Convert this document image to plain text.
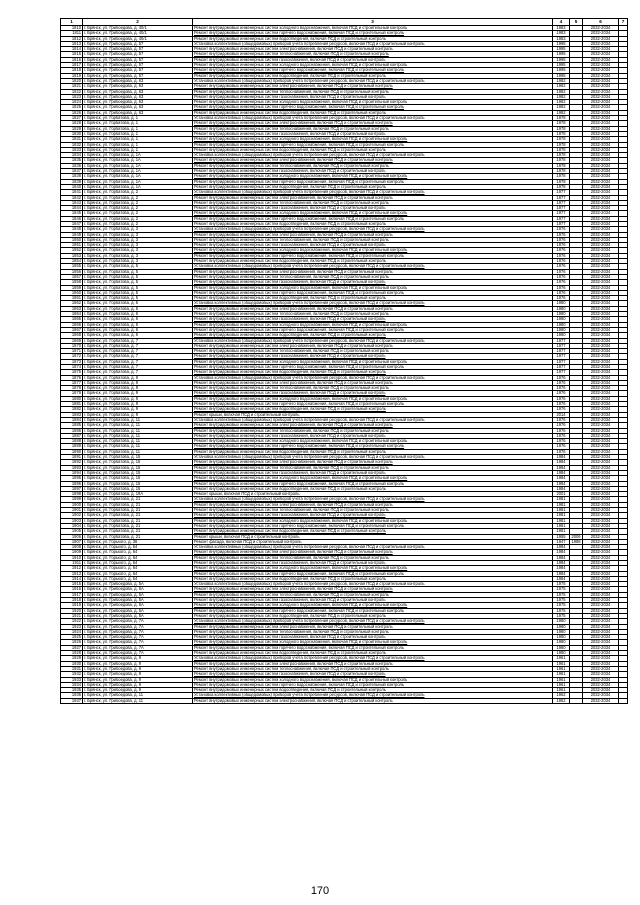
1	2	3	4	5	6	7
1810	г. Брянск, ул. Грибоедова, д. 40/1	Ремонт внутридомовых инженерных систем холодного водоснабжения, включая ПСД и строительный контроль	1983		2032-2034	
1811	г. Брянск, ул. Грибоедова, д. 40/1	Ремонт внутридомовых инженерных систем горячего водоснабжения, включая ПСД и строительный контроль	1983		2032-2034	
1812	г. Брянск, ул. Грибоедова, д. 40/1	Ремонт внутридомовых инженерных систем водоотведения, включая ПСД и строительный контроль	1983		2032-2034	
1813	г. Брянск, ул. Грибоедова, д. 57	Установка коллективных (общедомовых) приборов учета потребления ресурсов, включая ПСД и строительный контроль	1995		2032-2034	
1814	г. Брянск, ул. Грибоедова, д. 57	Ремонт внутридомовых инженерных систем электроснабжения, включая ПСД и строительный контроль	1995		2032-2034	
1815	г. Брянск, ул. Грибоедова, д. 57	Ремонт внутридомовых инженерных систем теплоснабжения, включая ПСД и строительный контроль	1995		2032-2034	
1816	г. Брянск, ул. Грибоедова, д. 57	Ремонт внутридомовых инженерных систем газоснабжения, включая ПСД и строительный контроль	1995		2032-2034	
1817	г. Брянск, ул. Грибоедова, д. 57	Ремонт внутридомовых инженерных систем холодного водоснабжения, включая ПСД и строительный контроль	1995		2032-2034	
1818	г. Брянск, ул. Грибоедова, д. 57	Ремонт внутридомовых инженерных систем горячего водоснабжения, включая ПСД и строительный контроль	1995		2032-2034	
1819	г. Брянск, ул. Грибоедова, д. 57	Ремонт внутридомовых инженерных систем водоотведения, включая ПСД и строительный контроль	1995		2032-2034	
1820	г. Брянск, ул. Грибоедова, д. 63	Установка коллективных (общедомовых) приборов учета потребления ресурсов, включая ПСД и строительный контроль	1982		2032-2034	
1821	г. Брянск, ул. Грибоедова, д. 63	Ремонт внутридомовых инженерных систем электроснабжения, включая ПСД и строительный контроль	1982		2032-2034	
1822	г. Брянск, ул. Грибоедова, д. 63	Ремонт внутридомовых инженерных систем теплоснабжения, включая ПСД и строительный контроль	1982		2032-2034	
1823	г. Брянск, ул. Грибоедова, д. 63	Ремонт внутридомовых инженерных систем газоснабжения, включая ПСД и строительный контроль	1982		2032-2034	
1824	г. Брянск, ул. Грибоедова, д. 63	Ремонт внутридомовых инженерных систем холодного водоснабжения, включая ПСД и строительный контроль	1982		2032-2034	
1825	г. Брянск, ул. Грибоедова, д. 63	Ремонт внутридомовых инженерных систем горячего водоснабжения, включая ПСД и строительный контроль	1982		2032-2034	
1826	г. Брянск, ул. Грибоедова, д. 63	Ремонт внутридомовых инженерных систем водоотведения, включая ПСД и строительный контроль	1982		2032-2034	
1827	г. Брянск, ул. Горбатова, д. 1	Установка коллективных (общедомовых) приборов учета потребления ресурсов, включая ПСД и строительный контроль	1978		2032-2034	
1828	г. Брянск, ул. Горбатова, д. 1	Ремонт внутридомовых инженерных систем электроснабжения, включая ПСД и строительный контроль	1978		2032-2034	
1829	г. Брянск, ул. Горбатова, д. 1	Ремонт внутридомовых инженерных систем теплоснабжения, включая ПСД и строительный контроль	1978		2032-2034	
1830	г. Брянск, ул. Горбатова, д. 1	Ремонт внутридомовых инженерных систем газоснабжения, включая ПСД и строительный контроль	1978		2032-2034	
1831	г. Брянск, ул. Горбатова, д. 1	Ремонт внутридомовых инженерных систем холодного водоснабжения, включая ПСД и строительный контроль	1978		2032-2034	
1832	г. Брянск, ул. Горбатова, д. 1	Ремонт внутридомовых инженерных систем горячего водоснабжения, включая ПСД и строительный контроль	1978		2032-2034	
1833	г. Брянск, ул. Горбатова, д. 1	Ремонт внутридомовых инженерных систем водоотведения, включая ПСД и строительный контроль	1978		2032-2034	
1834	г. Брянск, ул. Горбатова, д. 1А	Установка коллективных (общедомовых) приборов учета потребления ресурсов, включая ПСД и строительный контроль	1978		2032-2034	
1835	г. Брянск, ул. Горбатова, д. 1А	Ремонт внутридомовых инженерных систем электроснабжения, включая ПСД и строительный контроль	1978		2032-2034	
1836	г. Брянск, ул. Горбатова, д. 1А	Ремонт внутридомовых инженерных систем теплоснабжения, включая ПСД и строительный контроль	1978		2032-2034	
1837	г. Брянск, ул. Горбатова, д. 1А	Ремонт внутридомовых инженерных систем газоснабжения, включая ПСД и строительный контроль	1978		2032-2034	
1838	г. Брянск, ул. Горбатова, д. 1А	Ремонт внутридомовых инженерных систем холодного водоснабжения, включая ПСД и строительный контроль	1978		2032-2034	
1839	г. Брянск, ул. Горбатова, д. 1А	Ремонт внутридомовых инженерных систем горячего водоснабжения, включая ПСД и строительный контроль	1978		2032-2034	
1840	г. Брянск, ул. Горбатова, д. 1А	Ремонт внутридомовых инженерных систем водоотведения, включая ПСД и строительный контроль	1978		2032-2034	
1841	г. Брянск, ул. Горбатова, д. 2	Установка коллективных (общедомовых) приборов учета потребления ресурсов, включая ПСД и строительный контроль	1977		2032-2034	
1842	г. Брянск, ул. Горбатова, д. 2	Ремонт внутридомовых инженерных систем электроснабжения, включая ПСД и строительный контроль	1977		2032-2034	
1843	г. Брянск, ул. Горбатова, д. 2	Ремонт внутридомовых инженерных систем теплоснабжения, включая ПСД и строительный контроль	1977		2032-2034	
1844	г. Брянск, ул. Горбатова, д. 2	Ремонт внутридомовых инженерных систем газоснабжения, включая ПСД и строительный контроль	1977		2032-2034	
1845	г. Брянск, ул. Горбатова, д. 2	Ремонт внутридомовых инженерных систем холодного водоснабжения, включая ПСД и строительный контроль	1977		2032-2034	
1846	г. Брянск, ул. Горбатова, д. 2	Ремонт внутридомовых инженерных систем горячего водоснабжения, включая ПСД и строительный контроль	1977		2032-2034	
1847	г. Брянск, ул. Горбатова, д. 2	Ремонт внутридомовых инженерных систем водоотведения, включая ПСД и строительный контроль	1977		2032-2034	
1848	г. Брянск, ул. Горбатова, д. 3	Установка коллективных (общедомовых) приборов учета потребления ресурсов, включая ПСД и строительный контроль	1976		2032-2034	
1849	г. Брянск, ул. Горбатова, д. 3	Ремонт внутридомовых инженерных систем электроснабжения, включая ПСД и строительный контроль	1976		2032-2034	
1850	г. Брянск, ул. Горбатова, д. 3	Ремонт внутридомовых инженерных систем теплоснабжения, включая ПСД и строительный контроль	1976		2032-2034	
1851	г. Брянск, ул. Горбатова, д. 3	Ремонт внутридомовых инженерных систем газоснабжения, включая ПСД и строительный контроль	1976		2032-2034	
1852	г. Брянск, ул. Горбатова, д. 3	Ремонт внутридомовых инженерных систем холодного водоснабжения, включая ПСД и строительный контроль	1976		2032-2034	
1853	г. Брянск, ул. Горбатова, д. 3	Ремонт внутридомовых инженерных систем горячего водоснабжения, включая ПСД и строительный контроль	1976		2032-2034	
1854	г. Брянск, ул. Горбатова, д. 3	Ремонт внутридомовых инженерных систем водоотведения, включая ПСД и строительный контроль	1976		2032-2034	
1855	г. Брянск, ул. Горбатова, д. 5	Установка коллективных (общедомовых) приборов учета потребления ресурсов, включая ПСД и строительный контроль	1976		2032-2034	
1856	г. Брянск, ул. Горбатова, д. 5	Ремонт внутридомовых инженерных систем электроснабжения, включая ПСД и строительный контроль	1976		2032-2034	
1857	г. Брянск, ул. Горбатова, д. 5	Ремонт внутридомовых инженерных систем теплоснабжения, включая ПСД и строительный контроль	1976		2032-2034	
1858	г. Брянск, ул. Горбатова, д. 5	Ремонт внутридомовых инженерных систем газоснабжения, включая ПСД и строительный контроль	1976		2032-2034	
1859	г. Брянск, ул. Горбатова, д. 5	Ремонт внутридомовых инженерных систем холодного водоснабжения, включая ПСД и строительный контроль	1976		2032-2034	
1860	г. Брянск, ул. Горбатова, д. 5	Ремонт внутридомовых инженерных систем горячего водоснабжения, включая ПСД и строительный контроль	1976		2032-2034	
1861	г. Брянск, ул. Горбатова, д. 5	Ремонт внутридомовых инженерных систем водоотведения, включая ПСД и строительный контроль	1976		2032-2034	
1862	г. Брянск, ул. Горбатова, д. 6	Установка коллективных (общедомовых) приборов учета потребления ресурсов, включая ПСД и строительный контроль	1980		2032-2034	
1863	г. Брянск, ул. Горбатова, д. 6	Ремонт внутридомовых инженерных систем электроснабжения, включая ПСД и строительный контроль	1980		2032-2034	
1864	г. Брянск, ул. Горбатова, д. 6	Ремонт внутридомовых инженерных систем теплоснабжения, включая ПСД и строительный контроль	1980		2032-2034	
1865	г. Брянск, ул. Горбатова, д. 6	Ремонт внутридомовых инженерных систем газоснабжения, включая ПСД и строительный контроль	1980		2032-2034	
1866	г. Брянск, ул. Горбатова, д. 6	Ремонт внутридомовых инженерных систем холодного водоснабжения, включая ПСД и строительный контроль	1980		2032-2034	
1867	г. Брянск, ул. Горбатова, д. 6	Ремонт внутридомовых инженерных систем горячего водоснабжения, включая ПСД и строительный контроль	1980		2032-2034	
1868	г. Брянск, ул. Горбатова, д. 6	Ремонт внутридомовых инженерных систем водоотведения, включая ПСД и строительный контроль	1980		2032-2034	
1869	г. Брянск, ул. Горбатова, д. 7	Установка коллективных (общедомовых) приборов учета потребления ресурсов, включая ПСД и строительный контроль	1977		2032-2034	
1870	г. Брянск, ул. Горбатова, д. 7	Ремонт внутридомовых инженерных систем электроснабжения, включая ПСД и строительный контроль	1977		2032-2034	
1871	г. Брянск, ул. Горбатова, д. 7	Ремонт внутридомовых инженерных систем теплоснабжения, включая ПСД и строительный контроль	1977		2032-2034	
1872	г. Брянск, ул. Горбатова, д. 7	Ремонт внутридомовых инженерных систем газоснабжения, включая ПСД и строительный контроль	1977		2032-2034	
1873	г. Брянск, ул. Горбатова, д. 7	Ремонт внутридомовых инженерных систем холодного водоснабжения, включая ПСД и строительный контроль	1977		2032-2034	
1874	г. Брянск, ул. Горбатова, д. 7	Ремонт внутридомовых инженерных систем горячего водоснабжения, включая ПСД и строительный контроль	1977		2032-2034	
1875	г. Брянск, ул. Горбатова, д. 7	Ремонт внутридомовых инженерных систем водоотведения, включая ПСД и строительный контроль	1977		2032-2034	
1876	г. Брянск, ул. Горбатова, д. 9	Установка коллективных (общедомовых) приборов учета потребления ресурсов, включая ПСД и строительный контроль	1976		2032-2034	
1877	г. Брянск, ул. Горбатова, д. 9	Ремонт внутридомовых инженерных систем электроснабжения, включая ПСД и строительный контроль	1976		2032-2034	
1878	г. Брянск, ул. Горбатова, д. 9	Ремонт внутридомовых инженерных систем теплоснабжения, включая ПСД и строительный контроль	1976		2032-2034	
1879	г. Брянск, ул. Горбатова, д. 9	Ремонт внутридомовых инженерных систем газоснабжения, включая ПСД и строительный контроль	1976		2032-2034	
1880	г. Брянск, ул. Горбатова, д. 9	Ремонт внутридомовых инженерных систем холодного водоснабжения, включая ПСД и строительный контроль	1976		2032-2034	
1881	г. Брянск, ул. Горбатова, д. 9	Ремонт внутридомовых инженерных систем горячего водоснабжения, включая ПСД и строительный контроль	1976		2032-2034	
1882	г. Брянск, ул. Горбатова, д. 9	Ремонт внутридомовых инженерных систем водоотведения, включая ПСД и строительный контроль	1976		2032-2034	
1883	г. Брянск, ул. Горбатова, д. 9	Ремонт крыши, включая ПСД и строительный контроль	2014		2032-2034	
1884	г. Брянск, ул. Горбатова, д. 11	Установка коллективных (общедомовых) приборов учета потребления ресурсов, включая ПСД и строительный контроль	1976		2032-2034	
1885	г. Брянск, ул. Горбатова, д. 11	Ремонт внутридомовых инженерных систем электроснабжения, включая ПСД и строительный контроль	1976		2032-2034	
1886	г. Брянск, ул. Горбатова, д. 11	Ремонт внутридомовых инженерных систем теплоснабжения, включая ПСД и строительный контроль	1976		2032-2034	
1887	г. Брянск, ул. Горбатова, д. 11	Ремонт внутридомовых инженерных систем газоснабжения, включая ПСД и строительный контроль	1976		2032-2034	
1888	г. Брянск, ул. Горбатова, д. 11	Ремонт внутридомовых инженерных систем холодного водоснабжения, включая ПСД и строительный контроль	1976		2032-2034	
1889	г. Брянск, ул. Горбатова, д. 11	Ремонт внутридомовых инженерных систем горячего водоснабжения, включая ПСД и строительный контроль	1976		2032-2034	
1890	г. Брянск, ул. Горбатова, д. 11	Ремонт внутридомовых инженерных систем водоотведения, включая ПСД и строительный контроль	1976		2032-2034	
1891	г. Брянск, ул. Горбатова, д. 15	Установка коллективных (общедомовых) приборов учета потребления ресурсов, включая ПСД и строительный контроль	1984		2032-2034	
1892	г. Брянск, ул. Горбатова, д. 15	Ремонт внутридомовых инженерных систем электроснабжения, включая ПСД и строительный контроль	1984		2032-2034	
1893	г. Брянск, ул. Горбатова, д. 15	Ремонт внутридомовых инженерных систем теплоснабжения, включая ПСД и строительный контроль	1984		2032-2034	
1894	г. Брянск, ул. Горбатова, д. 15	Ремонт внутридомовых инженерных систем газоснабжения, включая ПСД и строительный контроль	1984		2032-2034	
1895	г. Брянск, ул. Горбатова, д. 15	Ремонт внутридомовых инженерных систем холодного водоснабжения, включая ПСД и строительный контроль	1984		2032-2034	
1896	г. Брянск, ул. Горбатова, д. 15	Ремонт внутридомовых инженерных систем горячего водоснабжения, включая ПСД и строительный контроль	1984		2032-2034	
1897	г. Брянск, ул. Горбатова, д. 15	Ремонт внутридомовых инженерных систем водоотведения, включая ПСД и строительный контроль	1984		2032-2034	
1898	г. Брянск, ул. Горбатова, д. 19А	Ремонт крыши, включая ПСД и строительный контроль	2001		2032-2034	
1899	г. Брянск, ул. Горбатова, д. 21	Установка коллективных (общедомовых) приборов учета потребления ресурсов, включая ПСД и строительный контроль	1981		2032-2034	
1900	г. Брянск, ул. Горбатова, д. 21	Ремонт внутридомовых инженерных систем электроснабжения, включая ПСД и строительный контроль	1981		2032-2034	
1901	г. Брянск, ул. Горбатова, д. 21	Ремонт внутридомовых инженерных систем теплоснабжения, включая ПСД и строительный контроль	1981		2032-2034	
1902	г. Брянск, ул. Горбатова, д. 21	Ремонт внутридомовых инженерных систем газоснабжения, включая ПСД и строительный контроль	1981		2032-2034	
1903	г. Брянск, ул. Горбатова, д. 21	Ремонт внутридомовых инженерных систем холодного водоснабжения, включая ПСД и строительный контроль	1981		2032-2034	
1904	г. Брянск, ул. Горбатова, д. 21	Ремонт внутридомовых инженерных систем горячего водоснабжения, включая ПСД и строительный контроль	1981		2032-2034	
1905	г. Брянск, ул. Горбатова, д. 21	Ремонт внутридомовых инженерных систем водоотведения, включая ПСД и строительный контроль	1981		2032-2034	
1906	г. Брянск, ул. Горбатова, д. 21	Ремонт крыши, включая ПСД и строительный контроль	1955	2006	2032-2034	
1907	г. Брянск, ул. Горького, д. 36	Ремонт фасада, включая ПСД и строительный контроль	1947	1988	2032-2034	
1908	г. Брянск, ул. Горького, д. 64	Установка коллективных (общедомовых) приборов учета потребления ресурсов, включая ПСД и строительный контроль	1984		2032-2034	
1909	г. Брянск, ул. Горького, д. 64	Ремонт внутридомовых инженерных систем электроснабжения, включая ПСД и строительный контроль	1984		2032-2034	
1910	г. Брянск, ул. Горького, д. 64	Ремонт внутридомовых инженерных систем теплоснабжения, включая ПСД и строительный контроль	1984		2032-2034	
1911	г. Брянск, ул. Горького, д. 64	Ремонт внутридомовых инженерных систем газоснабжения, включая ПСД и строительный контроль	1984		2032-2034	
1912	г. Брянск, ул. Горького, д. 64	Ремонт внутридомовых инженерных систем холодного водоснабжения, включая ПСД и строительный контроль	1984		2032-2034	
1913	г. Брянск, ул. Горького, д. 64	Ремонт внутридомовых инженерных систем горячего водоснабжения, включая ПСД и строительный контроль	1984		2032-2034	
1914	г. Брянск, ул. Горького, д. 64	Ремонт внутридомовых инженерных систем водоотведения, включая ПСД и строительный контроль	1984		2032-2034	
1915	г. Брянск, ул. Грибоедова, д. 5А	Установка коллективных (общедомовых) приборов учета потребления ресурсов, включая ПСД и строительный контроль	1975		2032-2034	
1916	г. Брянск, ул. Грибоедова, д. 5А	Ремонт внутридомовых инженерных систем электроснабжения, включая ПСД и строительный контроль	1975		2032-2034	
1917	г. Брянск, ул. Грибоедова, д. 5А	Ремонт внутридомовых инженерных систем теплоснабжения, включая ПСД и строительный контроль	1975		2032-2034	
1918	г. Брянск, ул. Грибоедова, д. 5А	Ремонт внутридомовых инженерных систем газоснабжения, включая ПСД и строительный контроль	1975		2032-2034	
1919	г. Брянск, ул. Грибоедова, д. 5А	Ремонт внутридомовых инженерных систем холодного водоснабжения, включая ПСД и строительный контроль	1975		2032-2034	
1920	г. Брянск, ул. Грибоедова, д. 5А	Ремонт внутридомовых инженерных систем горячего водоснабжения, включая ПСД и строительный контроль	1975		2032-2034	
1921	г. Брянск, ул. Грибоедова, д. 5А	Ремонт внутридомовых инженерных систем водоотведения, включая ПСД и строительный контроль	1975		2032-2034	
1922	г. Брянск, ул. Грибоедова, д. 7А	Установка коллективных (общедомовых) приборов учета потребления ресурсов, включая ПСД и строительный контроль	1980		2032-2034	
1923	г. Брянск, ул. Грибоедова, д. 7А	Ремонт внутридомовых инженерных систем электроснабжения, включая ПСД и строительный контроль	1980		2032-2034	
1924	г. Брянск, ул. Грибоедова, д. 7А	Ремонт внутридомовых инженерных систем теплоснабжения, включая ПСД и строительный контроль	1980		2032-2034	
1925	г. Брянск, ул. Грибоедова, д. 7А	Ремонт внутридомовых инженерных систем газоснабжения, включая ПСД и строительный контроль	1980		2032-2034	
1926	г. Брянск, ул. Грибоедова, д. 7А	Ремонт внутридомовых инженерных систем холодного водоснабжения, включая ПСД и строительный контроль	1980		2032-2034	
1927	г. Брянск, ул. Грибоедова, д. 7А	Ремонт внутридомовых инженерных систем горячего водоснабжения, включая ПСД и строительный контроль	1980		2032-2034	
1928	г. Брянск, ул. Грибоедова, д. 7А	Ремонт внутридомовых инженерных систем водоотведения, включая ПСД и строительный контроль	1980		2032-2034	
1929	г. Брянск, ул. Грибоедова, д. 9	Установка коллективных (общедомовых) приборов учета потребления ресурсов, включая ПСД и строительный контроль	1961		2032-2034	
1930	г. Брянск, ул. Грибоедова, д. 9	Ремонт внутридомовых инженерных систем электроснабжения, включая ПСД и строительный контроль	1961		2032-2034	
1931	г. Брянск, ул. Грибоедова, д. 9	Ремонт внутридомовых инженерных систем теплоснабжения, включая ПСД и строительный контроль	1961		2032-2034	
1932	г. Брянск, ул. Грибоедова, д. 9	Ремонт внутридомовых инженерных систем газоснабжения, включая ПСД и строительный контроль	1961		2032-2034	
1933	г. Брянск, ул. Грибоедова, д. 9	Ремонт внутридомовых инженерных систем холодного водоснабжения, включая ПСД и строительный контроль	1961		2032-2034	
1934	г. Брянск, ул. Грибоедова, д. 9	Ремонт внутридомовых инженерных систем горячего водоснабжения, включая ПСД и строительный контроль	1961		2032-2034	
1935	г. Брянск, ул. Грибоедова, д. 9	Ремонт внутридомовых инженерных систем водоотведения, включая ПСД и строительный контроль	1961		2032-2034	
1936	г. Брянск, ул. Грибоедова, д. 11	Установка коллективных (общедомовых) приборов учета потребления ресурсов, включая ПСД и строительный контроль	1962		2032-2034	
1937	г. Брянск, ул. Грибоедова, д. 11	Ремонт внутридомовых инженерных систем электроснабжения, включая ПСД и строительный контроль	1962		2032-2034	
170
